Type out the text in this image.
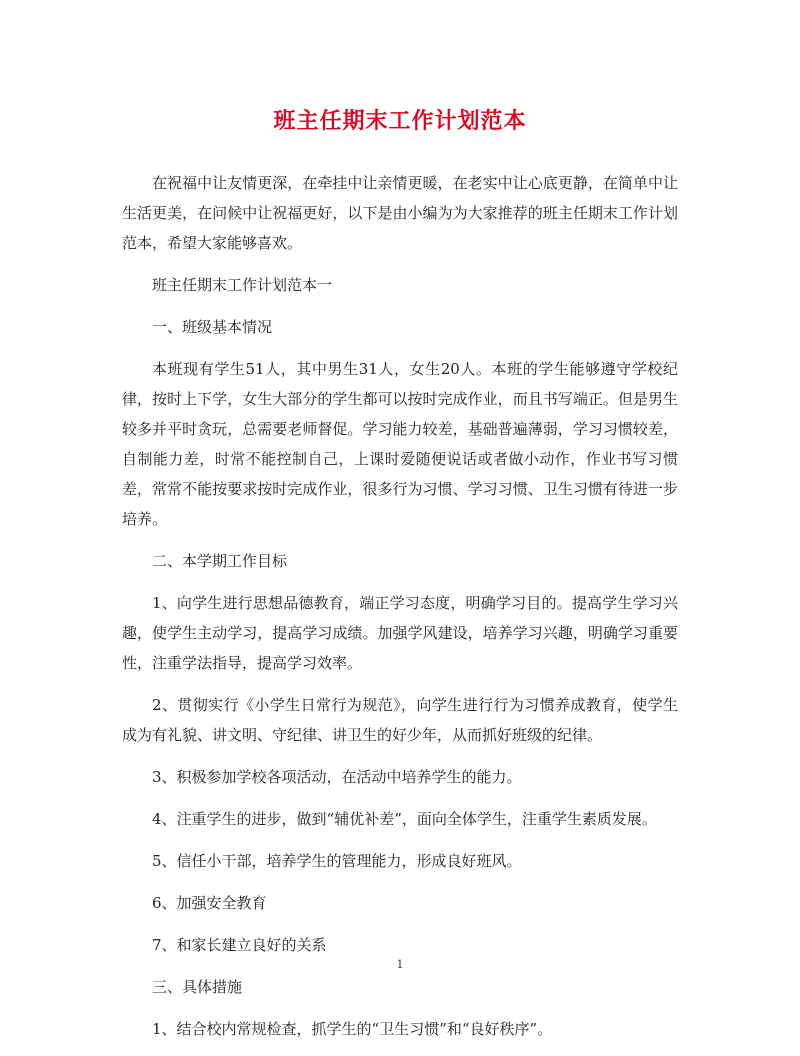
班主任期末工作计划范本

在祝福中让友情更深，在牵挂中让亲情更暖，在老实中让心底更静，在简单中让生活更美，在问候中让祝福更好，以下是由小编为为大家推荐的班主任期末工作计划范本，希望大家能够喜欢。

班主任期末工作计划范本一

一、班级基本情况

本班现有学生51人，其中男生31人，女生20人。本班的学生能够遵守学校纪律，按时上下学，女生大部分的学生都可以按时完成作业，而且书写端正。但是男生较多并平时贪玩，总需要老师督促。学习能力较差，基础普遍薄弱，学习习惯较差，自制能力差，时常不能控制自己，上课时爱随便说话或者做小动作，作业书写习惯差，常常不能按要求按时完成作业，很多行为习惯、学习习惯、卫生习惯有待进一步培养。

二、本学期工作目标

1、向学生进行思想品德教育，端正学习态度，明确学习目的。提高学生学习兴趣，使学生主动学习，提高学习成绩。加强学风建设，培养学习兴趣，明确学习重要性，注重学法指导，提高学习效率。

2、贯彻实行《小学生日常行为规范》，向学生进行行为习惯养成教育，使学生成为有礼貌、讲文明、守纪律、讲卫生的好少年，从而抓好班级的纪律。

3、积极参加学校各项活动，在活动中培养学生的能力。

4、注重学生的进步，做到“辅优补差”，面向全体学生，注重学生素质发展。

5、信任小干部，培养学生的管理能力，形成良好班风。

6、加强安全教育

7、和家长建立良好的关系

三、具体措施

1、结合校内常规检查，抓学生的“卫生习惯”和“良好秩序”。

1
